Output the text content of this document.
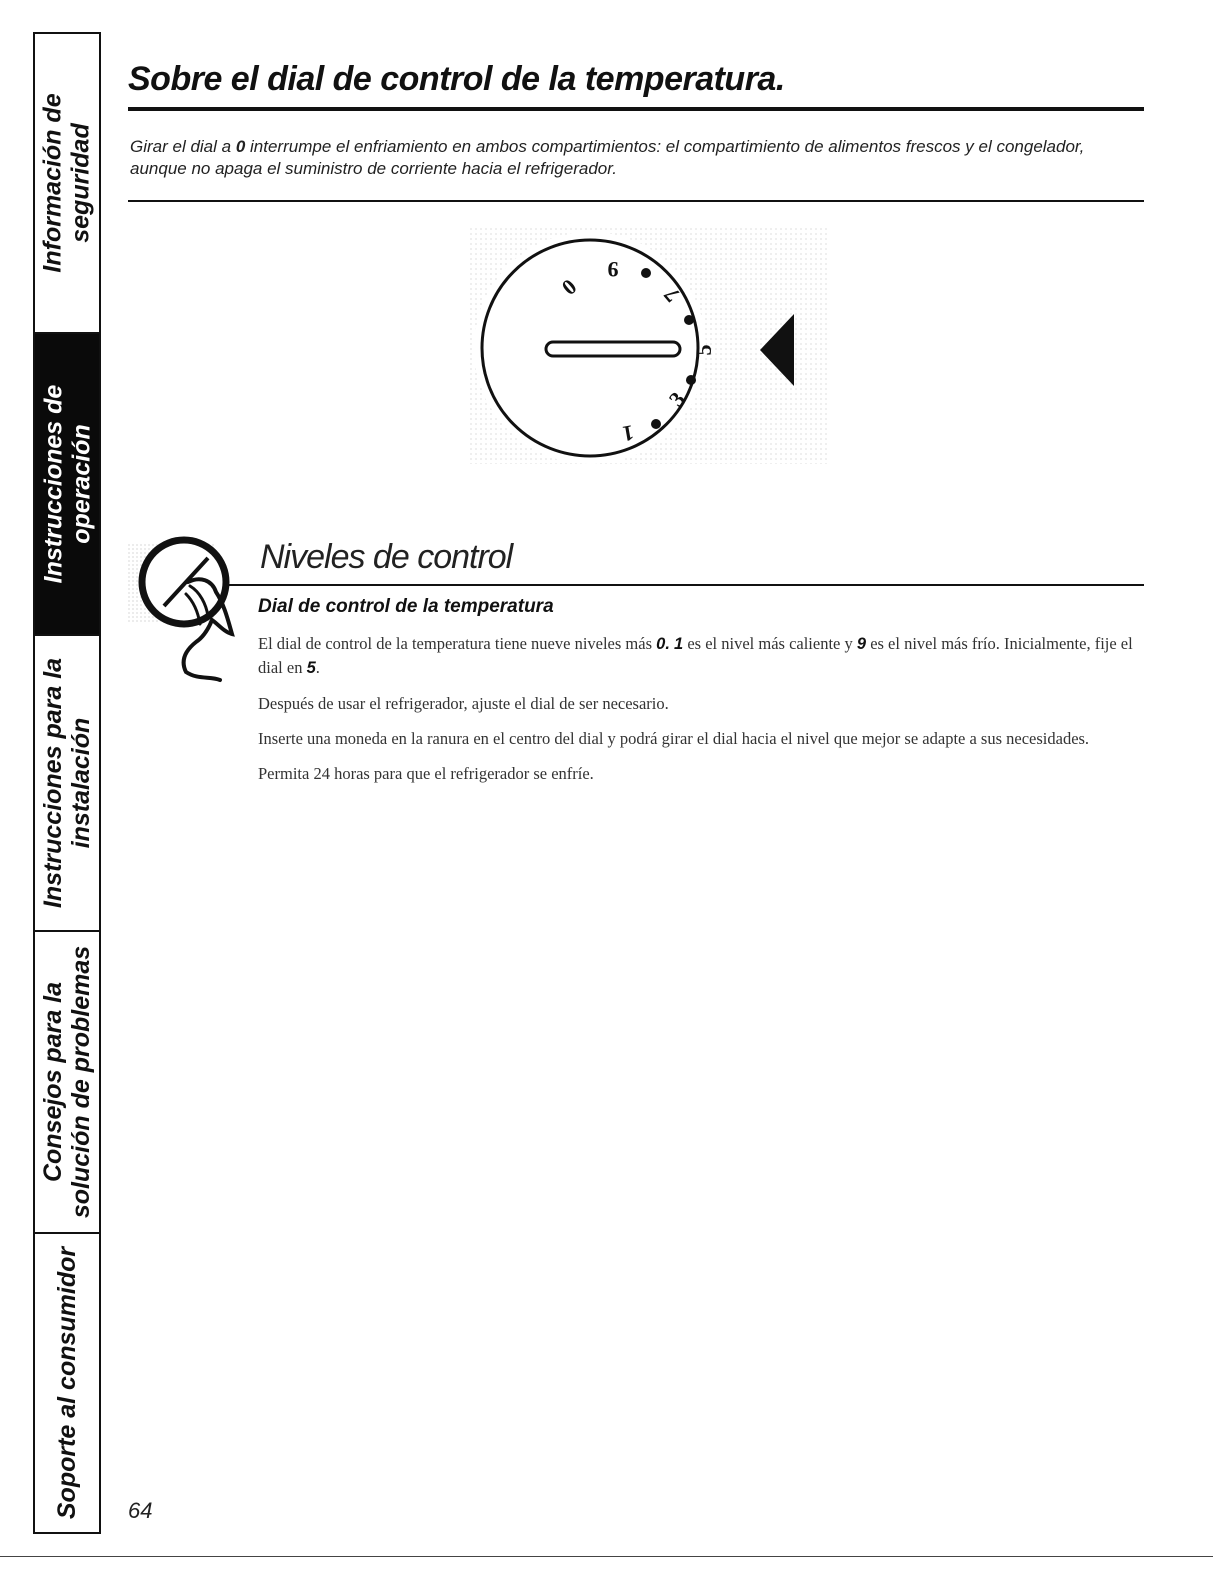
Información de seguridad
Instrucciones de operación
Instrucciones para la instalación
Consejos para la solución de problemas
Soporte al consumidor
Sobre el dial de control de la temperatura.

Girar el dial a 0 interrumpe el enfriamiento en ambos compartimientos: el compartimiento de alimentos frescos y el congelador, aunque no apaga el suministro de corriente hacia el refrigerador.

0
9
7
5
3
1
Niveles de control
Dial de control de la temperatura

El dial de control de la temperatura tiene nueve niveles más 0. 1 es el nivel más caliente y 9 es el nivel más frío. Inicialmente, fije el dial en 5.

Después de usar el refrigerador, ajuste el dial de ser necesario.

Inserte una moneda en la ranura en el centro del dial y podrá girar el dial hacia el nivel que mejor se adapte a sus necesidades.

Permita 24 horas para que el refrigerador se enfríe.

64
